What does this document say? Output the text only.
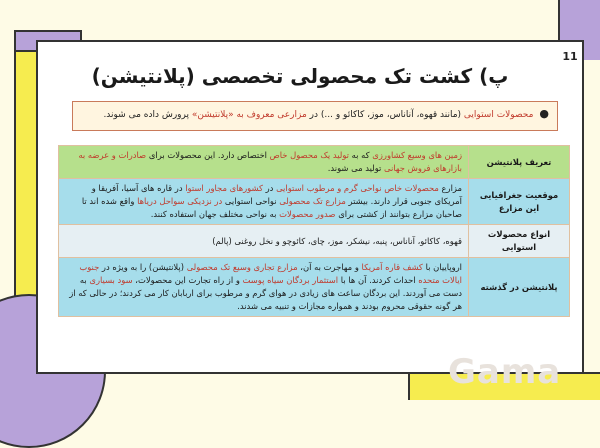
11
پ) کشت تک محصولی تخصصی (پلانتیشن)
●محصولات استوایی (مانند قهوه، آناناس، موز، کاکائو و ...) در مزارعی معروف به «پلانتیشن» پرورش داده می شوند.
تعریف پلانتیشن	زمین های وسیع کشاورزی که به تولید یک محصول خاص اختصاص دارد. این محصولات برای صادرات و عرضه به بازارهای فروش جهانی تولید می شوند.
موقعیت جغرافیایی این مزارع	مزارع محصولات خاص نواحی گرم و مرطوب استوایی در کشورهای مجاور استوا در قاره های آسیا، آفریقا و آمریکای جنوبی قرار دارند. بیشتر مزارع تک محصولی نواحی استوایی در نزدیکی سواحل دریاها واقع شده اند تا صاحبان مزارع بتوانند از کشتی برای صدور محصولات به نواحی مختلف جهان استفاده کنند.
انواع محصولات استوایی	قهوه، کاکائو، آناناس، پنبه، نیشکر، موز، چای، کائوچو و نخل روغنی (پالم)
پلانتیشن در گذشته	اروپاییان با کشف قاره آمریکا و مهاجرت به آن، مزارع تجاری وسیع تک محصولی (پلانتیشن) را به ویژه در جنوب ایالات متحده احداث کردند. آن ها با استثمار بردگان سیاه پوست و از راه تجارت این محصولات، سود بسیاری به دست می آوردند. این بردگان ساعت های زیادی در هوای گرم و مرطوب برای اربابان کار می کردند؛ در حالی که از هر گونه حقوقی محروم بودند و همواره مجازات و تنبیه می شدند.
Gama
